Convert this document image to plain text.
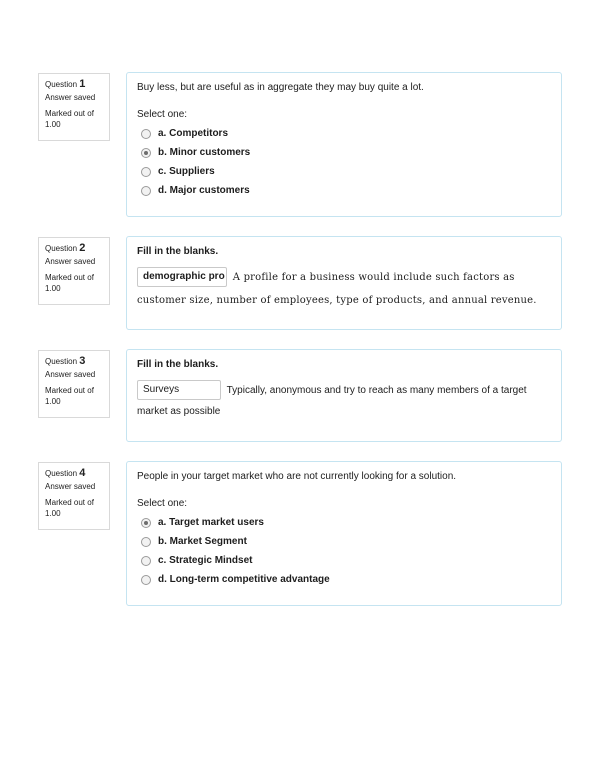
Question 1
Answer saved
Marked out of 1.00
Buy less, but are useful as in aggregate they may buy quite a lot.
Select one:
a. Competitors
b. Minor customers
c. Suppliers
d. Major customers
Question 2
Answer saved
Marked out of 1.00
Fill in the blanks.
demographic pro A profile for a business would include such factors as
customer size, number of employees, type of products, and annual revenue.
Question 3
Answer saved
Marked out of 1.00
Fill in the blanks.
Surveys	Typically, anonymous and try to reach as many members of a target
market as possible
Question 4
Answer saved
Marked out of 1.00
People in your target market who are not currently looking for a solution.
Select one:
a. Target market users
b. Market Segment
c. Strategic Mindset
d. Long-term competitive advantage
